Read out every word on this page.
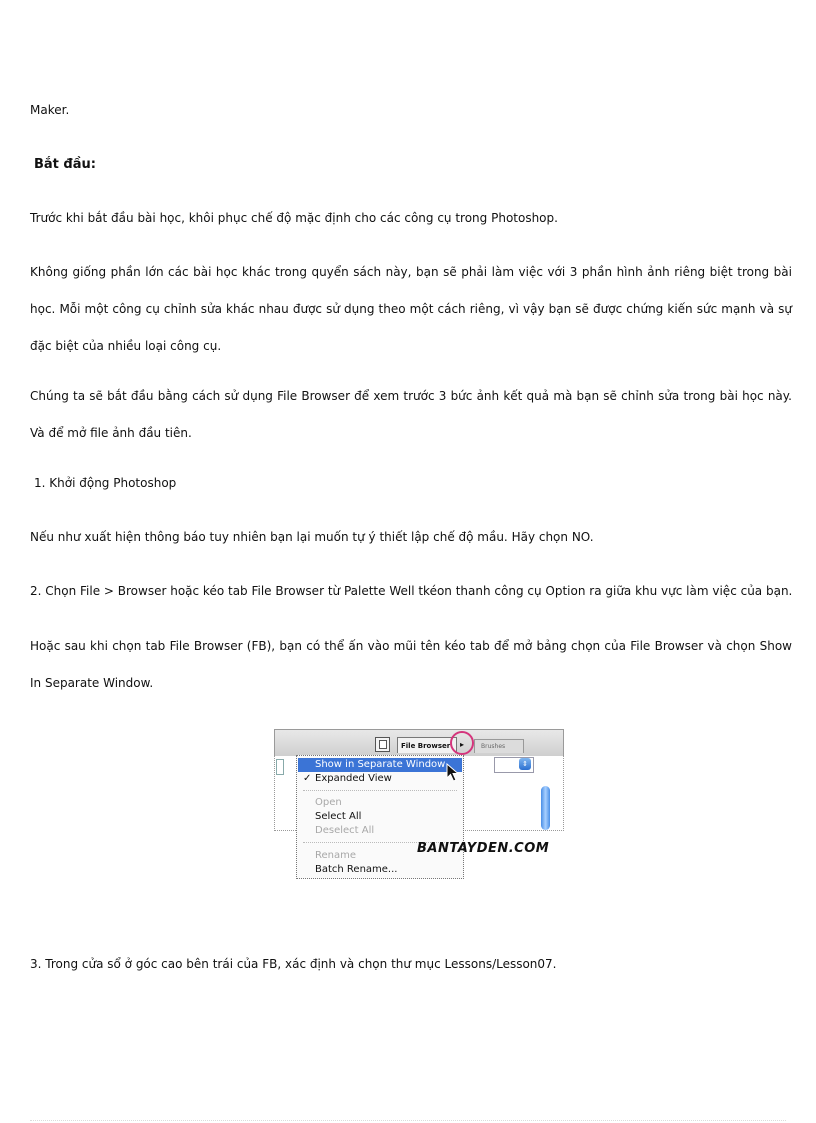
Maker.
Bắt đầu:
Trước khi bắt đầu bài học, khôi phục chế độ mặc định cho các công cụ trong Photoshop.
Không giống phần lớn các bài học khác trong quyển sách này, bạn sẽ phải làm việc với 3 phần hình ảnh riêng biệt trong bài học. Mỗi một công cụ chỉnh sửa khác nhau được sử dụng theo một cách riêng, vì vậy bạn sẽ được chứng kiến sức mạnh và sự đặc biệt của nhiều loại công cụ.
Chúng ta sẽ bắt đầu bằng cách sử dụng File Browser để xem trước 3 bức ảnh kết quả mà bạn sẽ chỉnh sửa trong bài học này. Và để mở file ảnh đầu tiên.
1. Khởi động Photoshop
Nếu như xuất hiện thông báo tuy nhiên bạn lại muốn tự ý thiết lập chế độ mầu. Hãy chọn NO.
2. Chọn File > Browser hoặc kéo tab File Browser từ Palette Well tkéon thanh công cụ Option ra giữa khu vực làm việc của bạn.
Hoặc sau khi chọn tab File Browser (FB), bạn có thể ấn vào mũi tên kéo tab để mở bảng chọn của File Browser và chọn Show In Separate Window.
File Browser	▸	Brushes
⇕
Show in Separate Window
✓ Expanded View
Open
Select All
Deselect All
Rename
Batch Rename...
BANTAYDEN.COM
3. Trong cửa sổ ở góc cao bên trái của FB, xác định và chọn thư mục Lessons/Lesson07.
